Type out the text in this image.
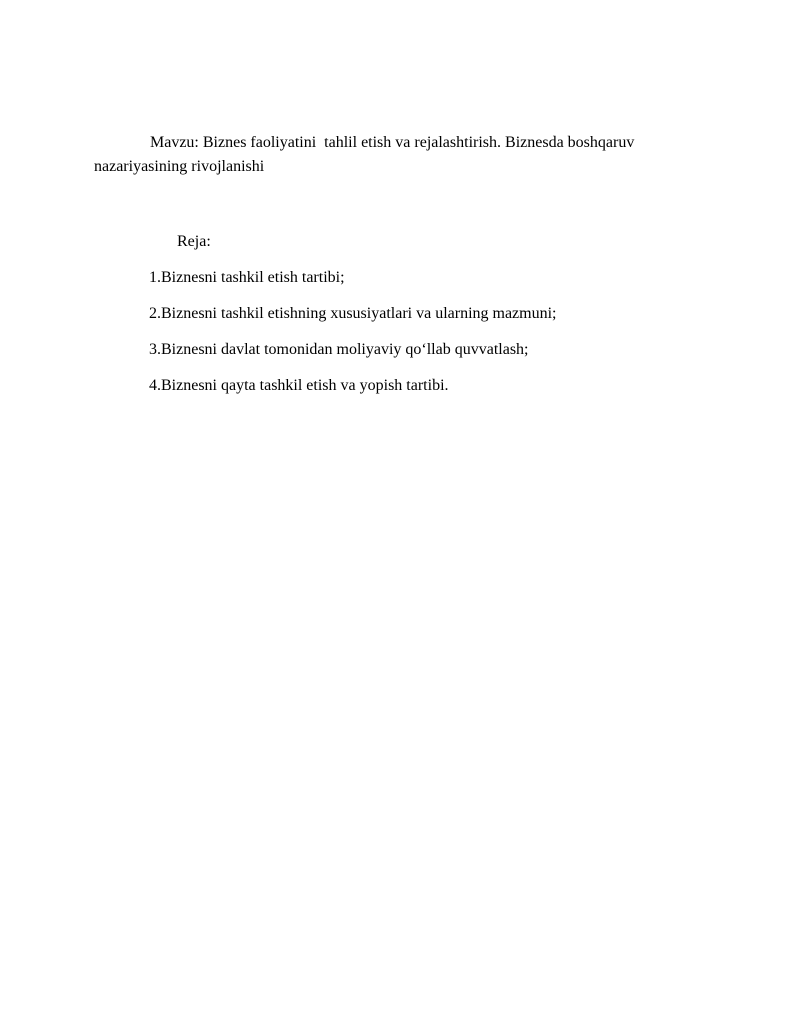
Mavzu: Biznes faoliyatini  tahlil etish va rejalashtirish. Biznesda boshqaruv nazariyasining rivojlanishi

Reja:

1.Biznesni tashkil etish tartibi;
2.Biznesni tashkil etishning xususiyatlari va ularning mazmuni;
3.Biznesni davlat tomonidan moliyaviy qo‘llab quvvatlash;
4.Biznesni qayta tashkil etish va yopish tartibi.
